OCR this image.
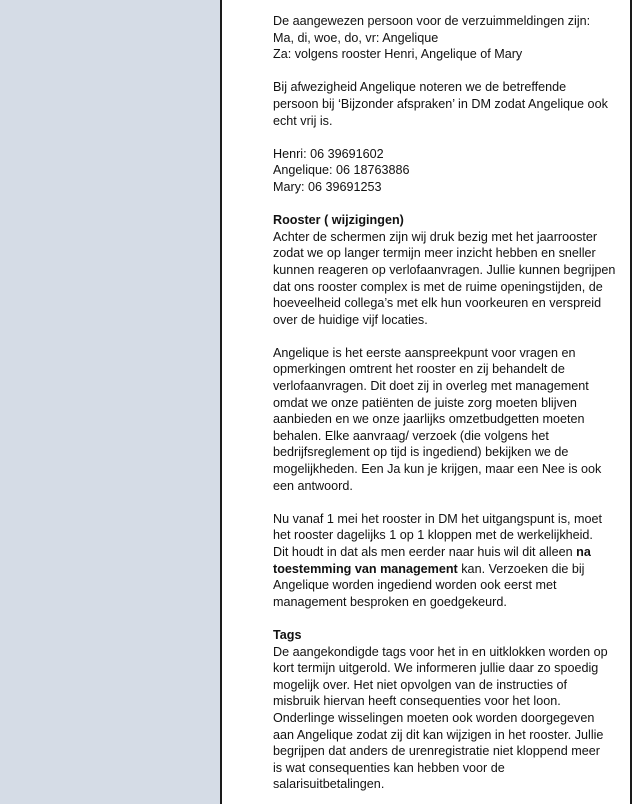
De aangewezen persoon voor de verzuimmeldingen zijn:
Ma, di, woe, do, vr: Angelique
Za: volgens rooster Henri, Angelique of Mary
Bij afwezigheid Angelique noteren we de betreffende
persoon bij ‘Bijzonder afspraken’ in DM zodat Angelique ook
echt vrij is.
Henri: 06 39691602
Angelique: 06 18763886
Mary: 06 39691253
Rooster ( wijzigingen)
Achter de schermen zijn wij druk bezig met het jaarrooster
zodat we op langer termijn meer inzicht hebben en sneller
kunnen reageren op verlofaanvragen. Jullie kunnen begrijpen
dat ons rooster complex is met de ruime openingstijden, de
hoeveelheid collega’s met elk hun voorkeuren en verspreid
over de huidige vijf locaties.
Angelique is het eerste aanspreekpunt voor vragen en
opmerkingen omtrent het rooster en zij behandelt de
verlofaanvragen. Dit doet zij in overleg met management
omdat we onze patiënten de juiste zorg moeten blijven
aanbieden en we onze jaarlijks omzetbudgetten moeten
behalen. Elke aanvraag/ verzoek (die volgens het
bedrijfsreglement op tijd is ingediend) bekijken we de
mogelijkheden. Een Ja kun je krijgen, maar een Nee is ook
een antwoord.
Nu vanaf 1 mei het rooster in DM het uitgangspunt is, moet
het rooster dagelijks 1 op 1 kloppen met de werkelijkheid.
Dit houdt in dat als men eerder naar huis wil dit alleen na
toestemming van management kan. Verzoeken die bij
Angelique worden ingediend worden ook eerst met
management besproken en goedgekeurd.
Tags
De aangekondigde tags voor het in en uitklokken worden op
kort termijn uitgerold. We informeren jullie daar zo spoedig
mogelijk over. Het niet opvolgen van de instructies of
misbruik hiervan heeft consequenties voor het loon.
Onderlinge wisselingen moeten ook worden doorgegeven
aan Angelique zodat zij dit kan wijzigen in het rooster. Jullie
begrijpen dat anders de urenregistratie niet kloppend meer
is wat consequenties kan hebben voor de
salarisuitbetalingen.
